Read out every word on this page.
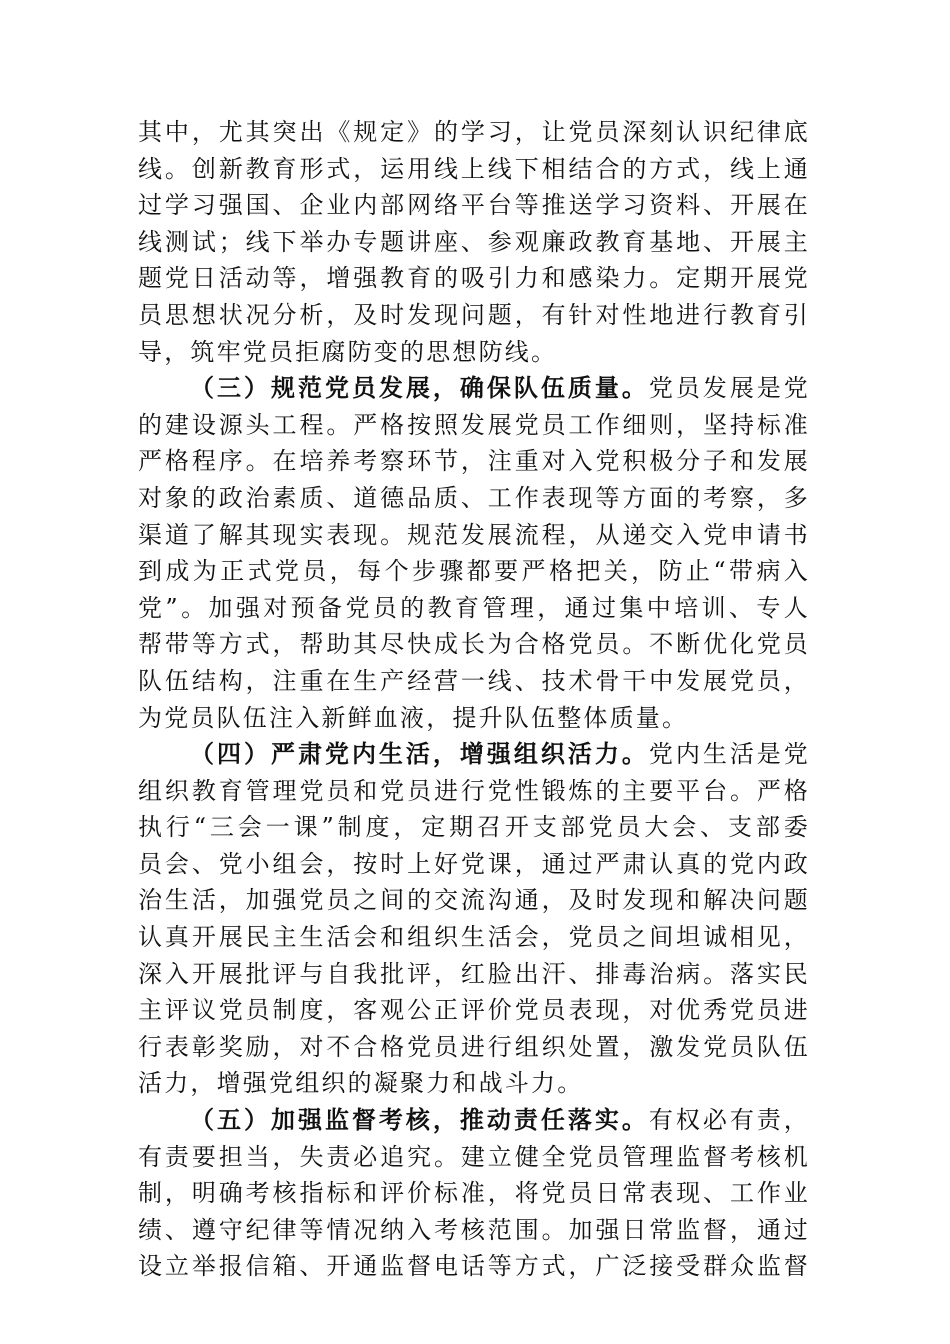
其中，尤其突出《规定》的学习，让党员深刻认识纪律底
线。创新教育形式，运用线上线下相结合的方式，线上通
过学习强国、企业内部网络平台等推送学习资料、开展在
线测试；线下举办专题讲座、参观廉政教育基地、开展主
题党日活动等，增强教育的吸引力和感染力。定期开展党
员思想状况分析，及时发现问题，有针对性地进行教育引
导，筑牢党员拒腐防变的思想防线。
（三）规范党员发展，确保队伍质量。党员发展是党
的建设源头工程。严格按照发展党员工作细则，坚持标准
严格程序。在培养考察环节，注重对入党积极分子和发展
对象的政治素质、道德品质、工作表现等方面的考察，多
渠道了解其现实表现。规范发展流程，从递交入党申请书
到成为正式党员，每个步骤都要严格把关，防止“带病入
党”。加强对预备党员的教育管理，通过集中培训、专人
帮带等方式，帮助其尽快成长为合格党员。不断优化党员
队伍结构，注重在生产经营一线、技术骨干中发展党员，
为党员队伍注入新鲜血液，提升队伍整体质量。
（四）严肃党内生活，增强组织活力。党内生活是党
组织教育管理党员和党员进行党性锻炼的主要平台。严格
执行“三会一课”制度，定期召开支部党员大会、支部委
员会、党小组会，按时上好党课，通过严肃认真的党内政
治生活，加强党员之间的交流沟通，及时发现和解决问题
认真开展民主生活会和组织生活会，党员之间坦诚相见，
深入开展批评与自我批评，红脸出汗、排毒治病。落实民
主评议党员制度，客观公正评价党员表现，对优秀党员进
行表彰奖励，对不合格党员进行组织处置，激发党员队伍
活力，增强党组织的凝聚力和战斗力。
（五）加强监督考核，推动责任落实。有权必有责，
有责要担当，失责必追究。建立健全党员管理监督考核机
制，明确考核指标和评价标准，将党员日常表现、工作业
绩、遵守纪律等情况纳入考核范围。加强日常监督，通过
设立举报信箱、开通监督电话等方式，广泛接受群众监督
